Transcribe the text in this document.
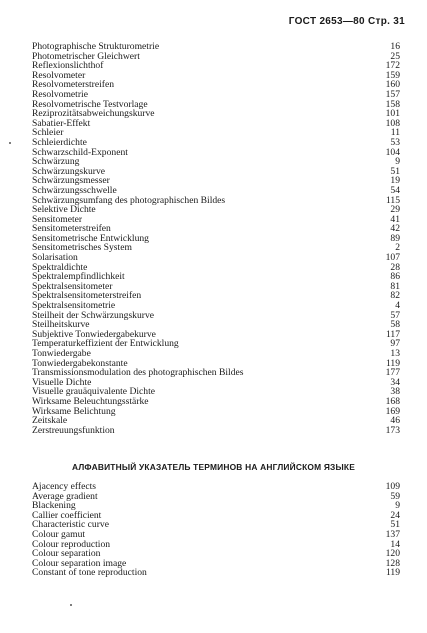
ГОСТ 2653—80 Стр. 31
Photographische Strukturometrie	16
Photometrischer Gleichwert	25
Reflexionslichthof	172
Resolvometer	159
Resolvometerstreifen	160
Resolvometrie	157
Resolvometrische Testvorlage	158
Reziprozitätsabweichungskurve	101
Sabatier-Effekt	108
Schleier	11
Schleierdichte	53
Schwarzschild-Exponent	104
Schwärzung	9
Schwärzungskurve	51
Schwärzungsmesser	19
Schwärzungsschwelle	54
Schwärzungsumfang des photographischen Bildes	115
Selektive Dichte	29
Sensitometer	41
Sensitometerstreifen	42
Sensitometrische Entwicklung	89
Sensitometrisches System	2
Solarisation	107
Spektraldichte	28
Spektralempfindlichkeit	86
Spektralsensitometer	81
Spektralsensitometerstreifen	82
Spektralsensitometrie	4
Steilheit der Schwärzungskurve	57
Steilheitskurve	58
Subjektive Tonwiedergabekurve	117
Temperaturkeffizient der Entwicklung	97
Tonwiedergabe	13
Tonwiedergabekonstante	119
Transmissionsmodulation des photographischen Bildes	177
Visuelle Dichte	34
Visuelle grauäquivalente Dichte	38
Wirksame Beleuchtungsstärke	168
Wirksame Belichtung	169
Zeitskale	46
Zerstreuungsfunktion	173
АЛФАВИТНЫЙ УКАЗАТЕЛЬ ТЕРМИНОВ НА АНГЛИЙСКОМ ЯЗЫКЕ
Ajacency effects	109
Average gradient	59
Blackening	9
Callier coefficient	24
Characteristic curve	51
Colour gamut	137
Colour reproduction	14
Colour separation	120
Colour separation image	128
Constant of tone reproduction	119
